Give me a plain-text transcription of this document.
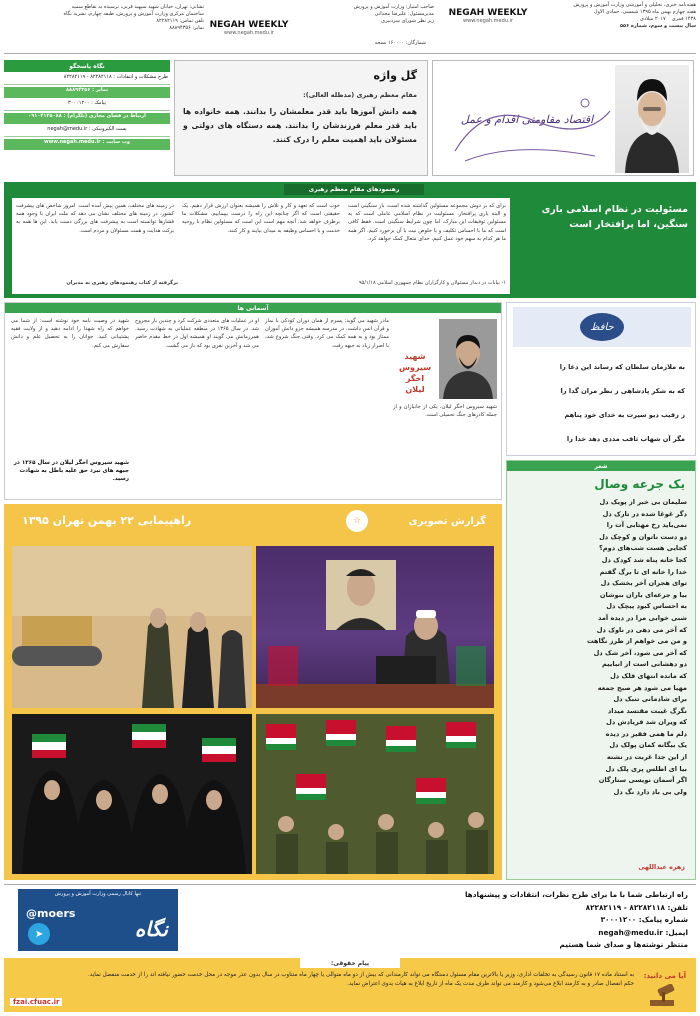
هفته‌نامه خبری، تحلیلی و آموزشی وزارت آموزش و پرورش
هفته چهارم بهمن ماه ۱۳۹۵ شمسی، جمادی الاول
۱۴۳۸ قمری
۲۰۱۷ میلادی
سال بیست و سوم، شماره ۵۵۶
NEGAH WEEKLY
www.negah.medu.ir
صاحب امتیاز: وزارت آموزش و پرورش
مدیرمسئول: علیرضا مجدانی
زیر نظر شورای سردبیری
شمارگان: ۱۶۰۰۰۰ نسخه
NEGAH WEEKLY
www.negah.medu.ir
نشانی: تهران، خیابان شهید سپهبد قرنی، نرسیده به تقاطع سمیه
ساختمان مرکزی وزارت آموزش و پرورش، طبقه چهارم، نشریه نگاه
تلفن تماس: ۸۲۲۸۲۱۱۹
نمابر: ۸۸۸۹۴۳۵۶
اقتصاد مقاومتی اقدام و عمل
گل واژه
مقام معظم رهبری (مدظله العالی):
همه دانش آموزها باید قدر معلمشان را بدانند. همه خانواده ها باید قدر معلم فرزندشان را بدانند. همه دستگاه های دولتی و مسئولان باید اهمیت معلم را درک کنند.
نگاه پاسخگو
طرح مشکلات و انتقادات : ۸۲۲۸۲۱۱۸ - ۸۲۲۸۲۱۱۹
نمابر : ۸۸۸۹۴۳۵۶
پیامک : ۳۰۰۰۱۲۰۰
ارتباط در فضای مجازی (تلگرام) : ۰۹۱۰۴۱۲۵۰۸۸
پست الکترونیکی : negah@medu.ir
وب سایت : www.negah.medu.ir
رهنمودهای مقام معظم رهبری
مسئولیت در نظام اسلامی باری سنگین، اما پرافتخار است
برای که بر دوش مجموعه مسئولین گذاشته شده است، بار سنگینی است و البته باری پرافتخار. مسئولیت در نظام اسلامی عاملی است که به مسئولین توفیقات این مبارک، اما چون شرایط سنگینی است. فقط کافی است که ما با احساس تکلیف و با خلوص نیت با آن برخورد کنیم. اگر همه ما هر کدام به سهم خود عمل کنیم، خدای متعال کمک خواهد کرد.
خوب است که تعهد و کار و تلاش را همیشه بعنوان ارزش قرار دهیم. یک حقیقتی است که اگر چنانچه این راه را درست بپیماییم، مشکلات ما برطرف خواهد شد. آنچه مهم است این است که مسئولین نظام با روحیه خدمت و با احساس وظیفه به میدان بیایند و کار کنند.
در زمینه های مختلف، همین پیش آمده است. امروز شاخص های پیشرفت کشور، در زمینه های مختلف نشان می دهد که ملت ایران با وجود همه فشارها توانسته است به پیشرفت های بزرگی دست یابد. این ها همه به برکت هدایت و همت مسئولان و مردم است.
۱- بیانات در دیدار مسئولان و کارگزاران نظام جمهوری اسلامی ۹۵/۱/۱۸
برگرفته از کتاب رهنمودهای رهبری به مدیران
حافظ
به ملازمان سلطان که رساند این دعا را
که به شکر پادشاهی ز نظر مران گدا را
ز رقیب دیو سیرت به خدای خود پناهم
مگر آن شهاب ثاقب مددی دهد خدا را
آسمانی ها
شهید سیروس اخگر لیلان
شهید سیروس اخگر لیلان، یکی از جانبازان و از جمله کادرهای جنگ تحمیلی است.
مادر شهید می گوید: پسرم از همان دوران کودکی با نماز و قرآن انس داشت. در مدرسه همیشه جزو دانش آموزان ممتاز بود و به همه کمک می کرد. وقتی جنگ شروع شد، با اصرار زیاد به جبهه رفت.
او در عملیات های متعددی شرکت کرد و چندین بار مجروح شد. در سال ۱۳۶۵ در منطقه عملیاتی به شهادت رسید. همرزمانش می گویند او همیشه اول در خط مقدم حاضر می شد و آخرین نفری بود که باز می گشت.
شهید در وصیت نامه خود نوشته است: از شما می خواهم که راه شهدا را ادامه دهید و از ولایت فقیه پشتیبانی کنید. جوانان را به تحصیل علم و دانش سفارش می کنم.
شهید سیروس اخگر لیلان در سال ۱۳۶۵ در جبهه های نبرد حق علیه باطل به شهادت رسید.
شعر
یک جرعه وصال
سلیمان بی خبر از پویک دل
دگر غوغا شده در تارک دل
نمی‌باید رخ مهتابی آت را
دو دست ناتوان و کوچک دل
کجایی هست شب‌های دوم؟
کجا خانه پناه شد کودک دل
خدا را خانه ای تا برگ گفتم
توای هجران آخر بخشک دل
بیا و جرعه‌ای باران بنوشان
به احساس کبود پیچک دل
شبی خوابی مرا در دیده آمد
که آخر می دهی در ناوک دل
و من می خواهم از طرز نگاهت
که آخر می شود، آخر شک دل
دو دهشانی است از انباییم
که مانده انتهای فلک دل
مهیا می شود هر صبح جمعه
برای شادمانی تنبک دل
نگرگ غیبت مقتسد میداد
که ویران شد فریادش دل
دلم ما همی فقیر در دیده
یک بیگانه کمان پولک دل
از این جدا غربت در نشته
بیا ای اطلس پری پلک دل
اگر آسمان نویسی ستارگان
ولی بی باد دارد نگ دل
زهره عبداللهی
گزارش تصویری
☆
راهپیمایی ۲۲ بهمن تهران ۱۳۹۵
راه ارتباطی شما با ما برای طرح نظرات، انتقادات و پیشنهادها
تلفن: ۸۲۲۸۲۱۱۸ - ۸۲۲۸۲۱۱۹
شماره پیامک: ۳۰۰۰۱۲۰۰
ایمیل: negah@medu.ir
منتظر نوشته‌ها و صدای شما هستیم
تنها کانال رسمی وزارت آموزش و پرورش
@moers
➤	نگاه
پیام حقوقی:
آیا می دانید:
به استناد ماده ۱۷ قانون رسیدگی به تخلفات اداری، وزیر یا بالاترین مقام مسئول دستگاه می تواند کارمندانی که بیش از دو ماه متوالی یا چهار ماه متناوب در سال بدون عذر موجه در محل خدمت حضور نیافته اند را از خدمت منفصل نماید. حکم انفصال صادر و به کارمند ابلاغ می‌شود و کارمند می تواند ظرف مدت یک ماه از تاریخ ابلاغ به هیات بدوی اعتراض نماید.
fzai.cfuac.ir
